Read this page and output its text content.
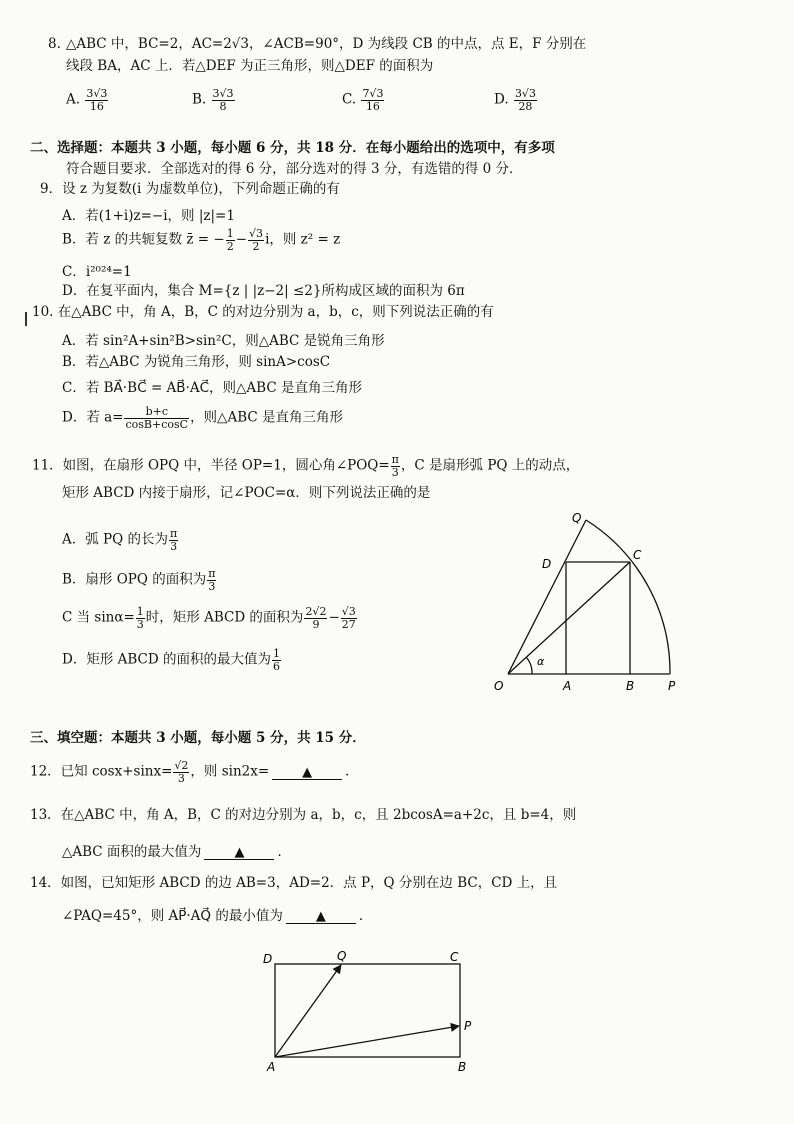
8. △ABC 中，BC=2，AC=2√3，∠ACB=90°，D 为线段 CB 的中点，点 E，F 分别在
线段 BA，AC 上．若△DEF 为正三角形，则△DEF 的面积为
A. $\frac{3√3}{16}$	B. $\frac{3√3}{8}$	C. $\frac{7√3}{16}$	D. $\frac{3√3}{28}$
二、选择题：本题共 3 小题，每小题 6 分，共 18 分．在每小题给出的选项中，有多项
符合题目要求．全部选对的得 6 分，部分选对的得 3 分，有选错的得 0 分．
9．设 z 为复数(i 为虚数单位)，下列命题正确的有
A．若(1+i)z=−i，则 |z|=1
B．若 z 的共轭复数 z̄ = − $\frac{1}{2} - \frac{√3}{2}$ i，则 z² = z
C．i²⁰²⁴=1
D．在复平面内，集合 M={z | |z−2| ≤2}所构成区域的面积为 6π
10. 在△ABC 中，角 A，B，C 的对边分别为 a，b，c，则下列说法正确的有
A．若 sin²A+sin²B>sin²C，则△ABC 是锐角三角形
B．若△ABC 为锐角三角形，则 sinA>cosC
C．若 BA⃗·BC⃗ = AB⃗·AC⃗，则△ABC 是直角三角形
D．若 $a= \frac{b+c}{\cos B+\cos C}$ ，则△ABC 是直角三角形
11．如图，在扇形 OPQ 中，半径 OP=1，圆心角∠POQ= $\frac{\pi}{3}$ ，C 是扇形弧 PQ 上的动点，
矩形 ABCD 内接于扇形，记∠POC=α．则下列说法正确的是
A．弧 PQ 的长为 $\frac{\pi}{3}$
B．扇形 OPQ 的面积为 $\frac{\pi}{3}$
C 当 $\sin\alpha= \frac{1}{3}$ 时，矩形 ABCD 的面积为 $\frac{2√2}{9} - \frac{√3}{27}$
D．矩形 ABCD 的面积的最大值为 $\frac{1}{6}$
O	A	B	P
C
D
Q
α
三、填空题：本题共 3 小题，每小题 5 分，共 15 分．
12．已知 $\cos x+\sin x= \frac{√2}{3}$ ，则 sin2x=	▲ ．
13．在△ABC 中，角 A，B，C 的对边分别为 a，b，c，且 2bcosA=a+2c，且 b=4，则
△ABC 面积的最大值为	▲ ．
14．如图，已知矩形 ABCD 的边 AB=3，AD=2．点 P，Q 分别在边 BC，CD 上，且
∠PAQ=45°，则 AP⃗·AQ⃗ 的最小值为	▲ ．
D	Q	C
P
A	B
